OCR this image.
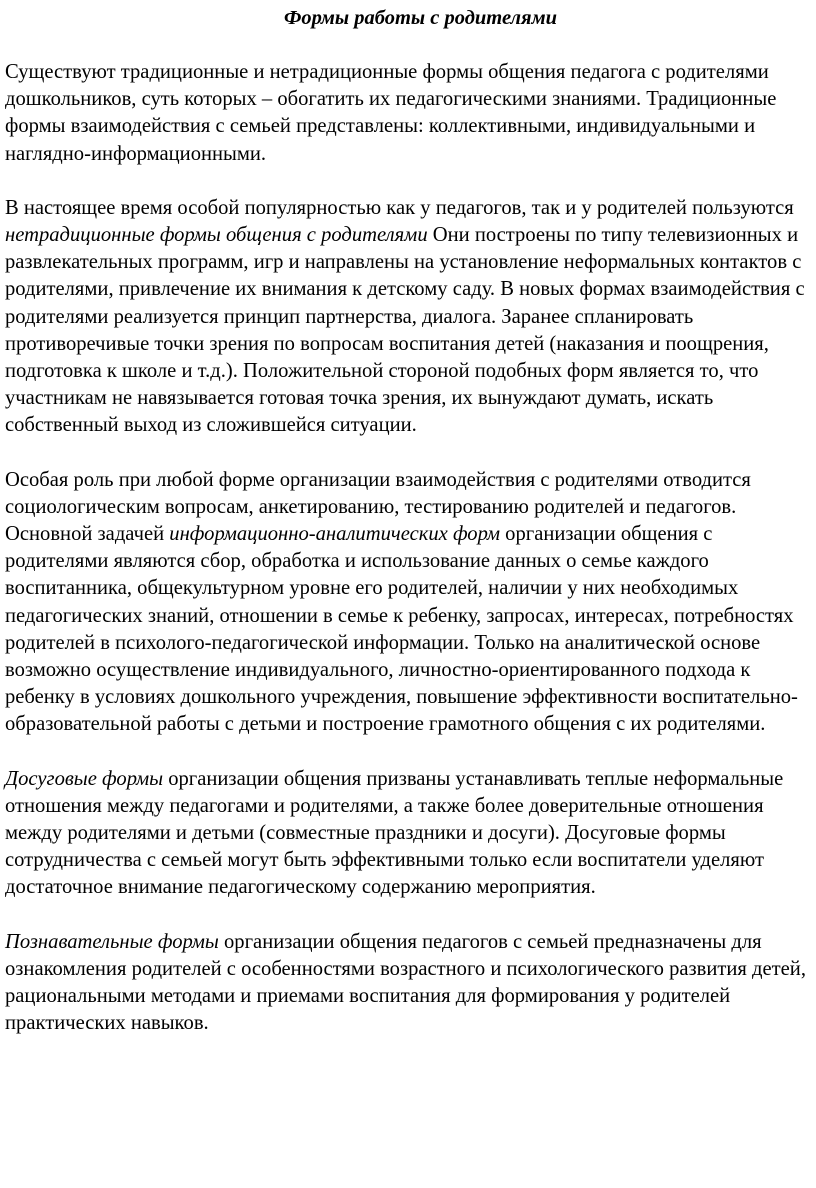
Формы работы с родителями

Существуют традиционные и нетрадиционные формы общения педагога с родителями дошкольников, суть которых – обогатить их педагогическими знаниями. Традиционные формы взаимодействия с семьей представлены: коллективными, индивидуальными и наглядно-информационными.

В настоящее время особой популярностью как у педагогов, так и у родителей пользуются нетрадиционные формы общения с родителями Они построены по типу телевизионных и развлекательных программ, игр и направлены на установление неформальных контактов с родителями, привлечение их внимания к детскому саду. В новых формах взаимодействия с родителями реализуется принцип партнерства, диалога. Заранее спланировать противоречивые точки зрения по вопросам воспитания детей (наказания и поощрения, подготовка к школе и т.д.). Положительной стороной подобных форм является то, что участникам не навязывается готовая точка зрения, их вынуждают думать, искать собственный выход из сложившейся ситуации.

Особая роль при любой форме организации взаимодействия с родителями отводится социологическим вопросам, анкетированию, тестированию родителей и педагогов. Основной задачей информационно-аналитических форм организации общения с родителями являются сбор, обработка и использование данных о семье каждого воспитанника, общекультурном уровне его родителей, наличии у них необходимых педагогических знаний, отношении в семье к ребенку, запросах, интересах, потребностях родителей в психолого-педагогической информации. Только на аналитической основе возможно осуществление индивидуального, личностно-ориентированного подхода к ребенку в условиях дошкольного учреждения, повышение эффективности воспитательно-образовательной работы с детьми и построение грамотного общения с их родителями.

Досуговые формы организации общения призваны устанавливать теплые неформальные отношения между педагогами и родителями, а также более доверительные отношения между родителями и детьми (совместные праздники и досуги). Досуговые формы сотрудничества с семьей могут быть эффективными только если воспитатели уделяют достаточное внимание педагогическому содержанию мероприятия.

Познавательные формы организации общения педагогов с семьей предназначены для ознакомления родителей с особенностями возрастного и психологического развития детей, рациональными методами и приемами воспитания для формирования у родителей практических навыков.
